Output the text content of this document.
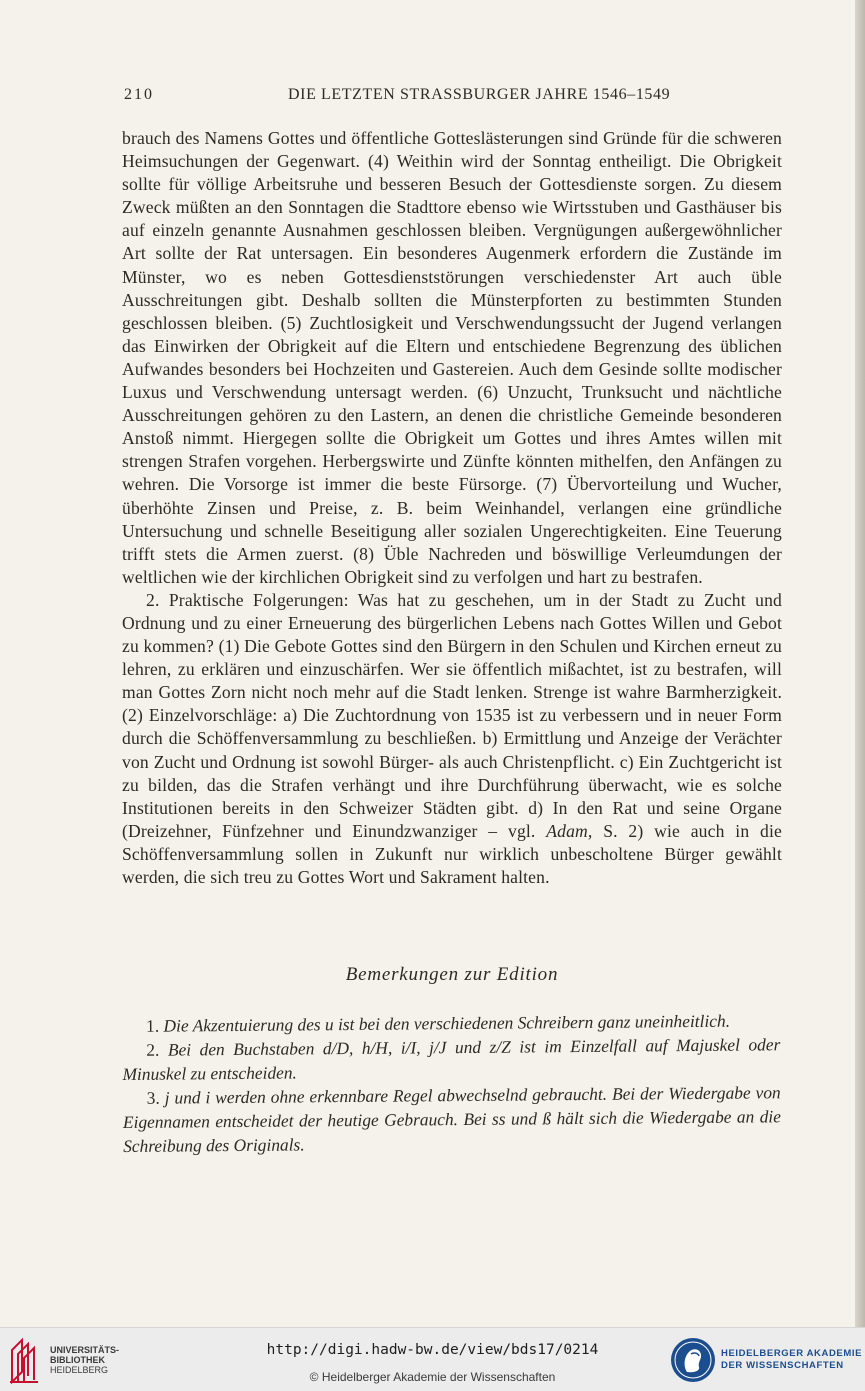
210	DIE LETZTEN STRASSBURGER JAHRE 1546–1549

brauch des Namens Gottes und öffentliche Gotteslästerungen sind Gründe für die schweren Heimsuchungen der Gegenwart. (4) Weithin wird der Sonntag entheiligt. Die Obrigkeit sollte für völlige Arbeitsruhe und besseren Besuch der Gottesdienste sorgen. Zu diesem Zweck müßten an den Sonntagen die Stadttore ebenso wie Wirtsstuben und Gasthäuser bis auf einzeln genannte Ausnahmen geschlossen bleiben. Vergnügungen außergewöhnlicher Art sollte der Rat untersagen. Ein besonderes Augenmerk erfordern die Zustände im Münster, wo es neben Gottesdienststörungen verschiedenster Art auch üble Ausschreitungen gibt. Deshalb sollten die Münsterpforten zu bestimmten Stunden geschlossen bleiben. (5) Zuchtlosigkeit und Verschwendungssucht der Jugend verlangen das Einwirken der Obrigkeit auf die Eltern und entschiedene Begrenzung des üblichen Aufwandes besonders bei Hochzeiten und Gastereien. Auch dem Gesinde sollte modischer Luxus und Verschwendung untersagt werden. (6) Unzucht, Trunksucht und nächtliche Ausschreitungen gehören zu den Lastern, an denen die christliche Gemeinde besonderen Anstoß nimmt. Hiergegen sollte die Obrigkeit um Gottes und ihres Amtes willen mit strengen Strafen vorgehen. Herbergswirte und Zünfte könnten mithelfen, den Anfängen zu wehren. Die Vorsorge ist immer die beste Fürsorge. (7) Übervorteilung und Wucher, überhöhte Zinsen und Preise, z. B. beim Weinhandel, verlangen eine gründliche Untersuchung und schnelle Beseitigung aller sozialen Ungerechtigkeiten. Eine Teuerung trifft stets die Armen zuerst. (8) Üble Nachreden und böswillige Verleumdungen der weltlichen wie der kirchlichen Obrigkeit sind zu verfolgen und hart zu bestrafen.

2. Praktische Folgerungen: Was hat zu geschehen, um in der Stadt zu Zucht und Ordnung und zu einer Erneuerung des bürgerlichen Lebens nach Gottes Willen und Gebot zu kommen? (1) Die Gebote Gottes sind den Bürgern in den Schulen und Kirchen erneut zu lehren, zu erklären und einzuschärfen. Wer sie öffentlich mißachtet, ist zu bestrafen, will man Gottes Zorn nicht noch mehr auf die Stadt lenken. Strenge ist wahre Barmherzigkeit. (2) Einzelvorschläge: a) Die Zuchtordnung von 1535 ist zu verbessern und in neuer Form durch die Schöffenversammlung zu beschließen. b) Ermittlung und Anzeige der Verächter von Zucht und Ordnung ist sowohl Bürger- als auch Christenpflicht. c) Ein Zuchtgericht ist zu bilden, das die Strafen verhängt und ihre Durchführung überwacht, wie es solche Institutionen bereits in den Schweizer Städten gibt. d) In den Rat und seine Organe (Dreizehner, Fünfzehner und Einundzwanziger – vgl. Adam, S. 2) wie auch in die Schöffenversammlung sollen in Zukunft nur wirklich unbescholtene Bürger gewählt werden, die sich treu zu Gottes Wort und Sakrament halten.

Bemerkungen zur Edition

1. Die Akzentuierung des u ist bei den verschiedenen Schreibern ganz uneinheitlich.

2. Bei den Buchstaben d/D, h/H, i/I, j/J und z/Z ist im Einzelfall auf Majuskel oder Minuskel zu entscheiden.

3. j und i werden ohne erkennbare Regel abwechselnd gebraucht. Bei der Wiedergabe von Eigennamen entscheidet der heutige Gebrauch. Bei ss und ß hält sich die Wiedergabe an die Schreibung des Originals.

UNIVERSITÄTS-
BIBLIOTHEK
HEIDELBERG
http://digi.hadw-bw.de/view/bds17/0214
© Heidelberger Akademie der Wissenschaften
HEIDELBERGER AKADEMIE
DER WISSENSCHAFTEN
